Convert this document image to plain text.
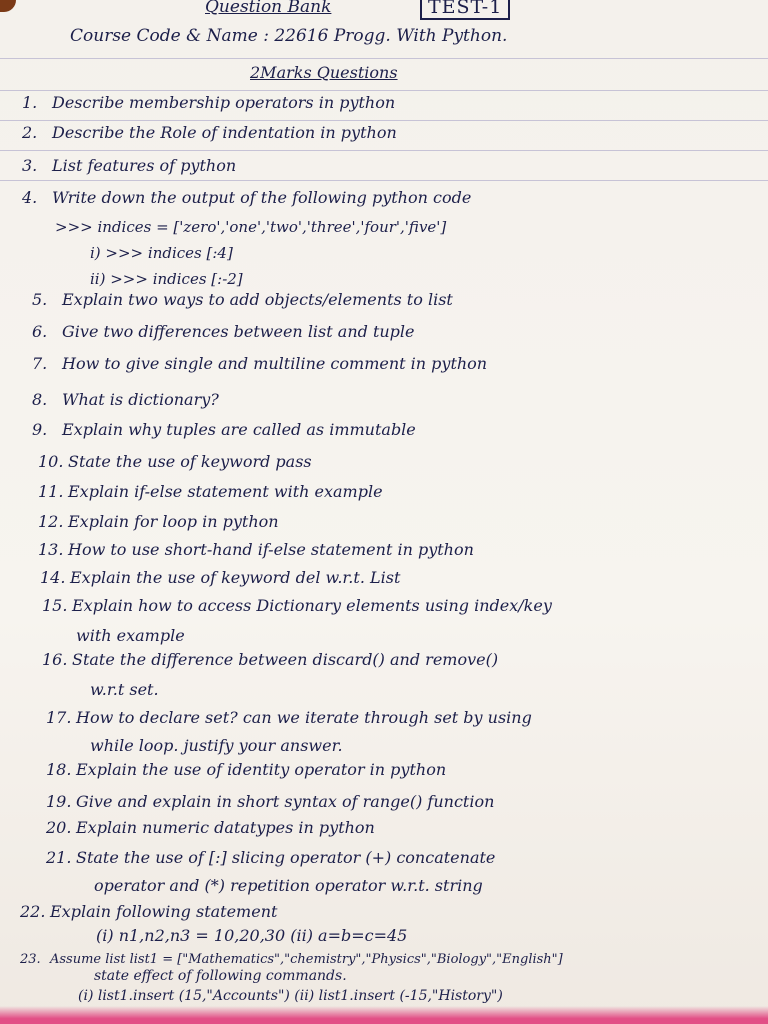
Question Bank	TEST-1
Course Code & Name : 22616 Progg. With Python.
2Marks Questions
1. Describe membership operators in python
2. Describe the Role of indentation in python
3. List features of python
4. Write down the output of the following python code
>>> indices = ['zero','one','two','three','four','five']
i) >>> indices [:4]
ii) >>> indices [:-2]
5. Explain two ways to add objects/elements to list
6. Give two differences between list and tuple
7. How to give single and multiline comment in python
8. What is dictionary?
9. Explain why tuples are called as immutable
10. State the use of keyword pass
11. Explain if-else statement with example
12. Explain for loop in python
13. How to use short-hand if-else statement in python
14. Explain the use of keyword del w.r.t. List
15. Explain how to access Dictionary elements using index/key
with example
16. State the difference between discard() and remove()
w.r.t set.
17. How to declare set? can we iterate through set by using
while loop. justify your answer.
18. Explain the use of identity operator in python
19. Give and explain in short syntax of range() function
20. Explain numeric datatypes in python
21. State the use of [:] slicing operator (+) concatenate
operator and (*) repetition operator w.r.t. string
22. Explain following statement
(i) n1,n2,n3 = 10,20,30 (ii) a=b=c=45
23. Assume list list1 = ["Mathematics","chemistry","Physics","Biology","English"]
state effect of following commands.
(i) list1.insert (15,"Accounts") (ii) list1.insert (-15,"History")
